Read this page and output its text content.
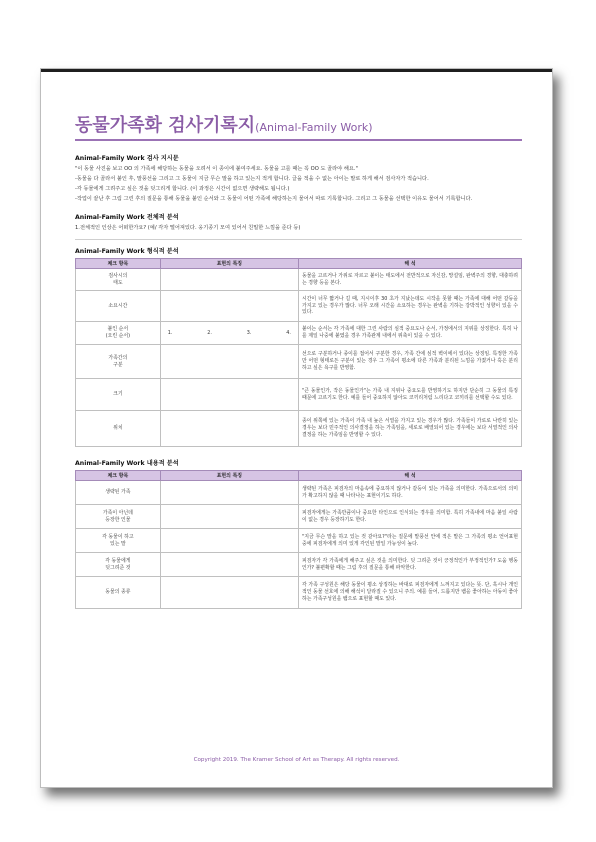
동물가족화 검사기록지(Animal-Family Work)
Animal-Family Work 검사 지시문
"이 동물 사진을 보고 OO 의 가족에 해당하는 동물을 오려서 이 종이에 붙여주세요. 동물을 고를 때는 꼭 OO 도 골라야 해요."
-동물을 다 골라서 붙인 후, 말풍선을 그리고 그 동물이 지금 무슨 말을 하고 있는지 적게 합니다. 글을 적을 수 없는 아이는 말로 하게 해서 검사자가 적습니다.
-각 동물에게 그려주고 싶은 것을 덧그리게 합니다. (이 과정은 시간이 없으면 생략해도 됩니다.)
-작업이 끝난 후 그림 그린 후의 질문을 통해 동물을 붙인 순서와 그 동물이 어떤 가족에 해당하는지 물어서 따로 기록합니다. 그리고 그 동물을 선택한 이유도 물어서 기록합니다.
Animal-Family Work 전체적 분석
1.전체적인 인상은 어떠한가요? (예/ 각자 떨어져있다. 옹기종기 모여 있어서 친밀한 느낌을 준다 등)
Animal-Family Work 형식적 분석
체크 항목	표현의 특징	해 석
검사시의
태도		동물을 고르거나 가위로 자르고 붙이는 태도에서 전반적으로 자신감, 망설임, 완벽주의 경향, 대충하려는 경향 등을 본다.
소요시간		시간이 너무 짧거나 길 때, 지시이후 30 초가 지났는데도 시작을 못할 때는 가족에 대해 어떤 갈등을 가지고 있는 경우가 많다. 너무 오래 시간을 소요하는 경우는 완벽을 기하는 강박적인 성향이 있을 수 있다.
붙인 순서
(오린 순서)	1. 2. 3. 4.	붙이는 순서는 각 가족에 대한 그린 사람의 심적 중요도나 순서, 가정에서의 지위를 상징한다. 특히 나를 제일 나중에 붙였을 경우 가족관계 내에서 위축이 있을 수 있다.
가족간의
구분		선으로 구분하거나 종이를 접어서 구분한 경우, 가족 간에 심적 벽이에서 있다는 상징임. 특정한 가족만 어떤 형태로든 구분이 있는 경우 그 가족이 평소에 다른 가족과 분리된 느낌을 가졌거나 혹은 분리하고 싶은 욕구를 반영함.
크기		"큰 동물인가, 작은 동물인가"는 가족 내 지위나 중요도를 반영하기도 하지만 단순히 그 동물의 특징 때문에 고르기도 한다. 예를 들어 중요하지 않아도 코끼리처럼 느리다고 코끼리를 선택할 수도 있다.
위치		종이 위쪽에 있는 가족이 가족 내 높은 서열을 가지고 있는 경우가 많다. 가족들이 가로로 나란히 있는 경우는 보다 민주적인 의사결정을 하는 가족임을, 세로로 배열되어 있는 경우에는 보다 서열적인 의사결정을 하는 가족임을 반영할 수 있다.
Animal-Family Work 내용적 분석
체크 항목	표현의 특징	해 석
생략된 가족		생략된 가족은 피검자의 마음속에 중요하지 않거나 갈등이 있는 가족을 의미한다. 가족으로서의 의미가 확고하지 않을 때 나타나는 표현이기도 하다.
가족이 아닌데
등장한 인물		피검자에게는 가족만큼이나 중요한 타인으로 인식되는 경우를 의미함. 특히 가족내에 마음 붙일 사람이 없는 경우 등장하기도 한다.
각 동물이 하고
있는 말		"지금 무슨 말을 하고 있는 것 같아요?"라는 질문에 말풍선 안에 적은 말은 그 가족의 평소 언어표현 중에 피검자에게 의미 있게 각인된 말일 가능성이 높다.
각 동물에게
덧그려준 것		피검자가 각 가족에게 해주고 싶은 것을 의미한다. 덧 그려준 것이 긍정적인가 부정적인가? 도움 행동인가? 불편확할 때는 그림 후의 질문을 통해 파악한다.
동물의 종류		각 가족 구성원은 해당 동물이 평소 상징하는 바대로 피검자에게 느껴지고 있다는 뜻. 단, 혹시나 개인적인 동물 선호에 의해 해석이 달라질 수 있으니 주의. 예를 들어, 드롭지만 뱀을 좋아하는 아동이 좋아하는 가족구성원을 뱀으로 표현할 때도 있다.
Copyright 2019. The Kramer School of Art as Therapy. All rights reserved.
